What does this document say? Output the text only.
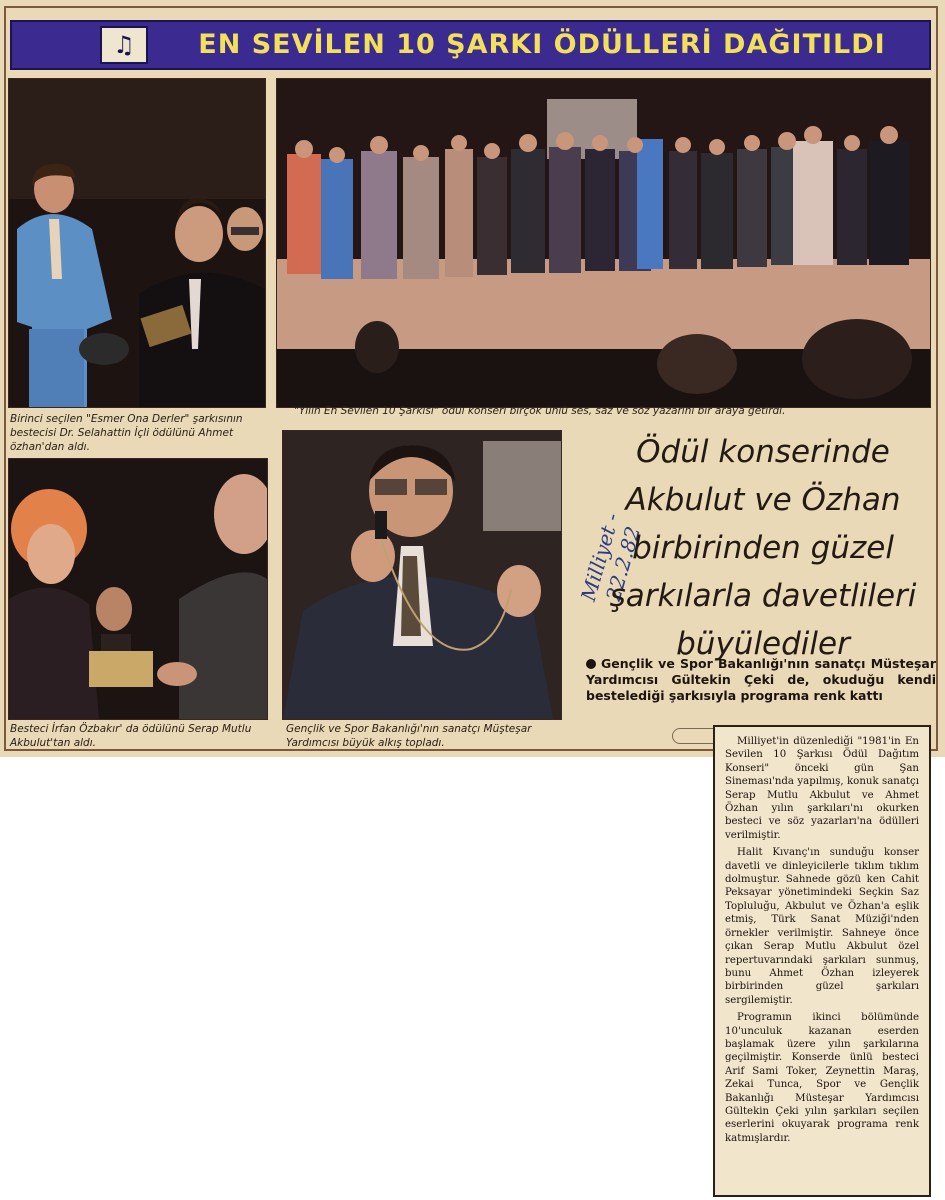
♫	EN SEVİLEN 10 ŞARKI ÖDÜLLERİ DAĞITILDI
Birinci seçilen "Esmer Ona Derler" şarkısının bestecisi Dr. Selahattin İçli ödülünü Ahmet özhan'dan aldı.
"Yılın En Sevilen 10 Şarkısı" ödül konseri birçok ünlü ses, saz ve söz yazarını bir araya getirdi.
Besteci İrfan Özbakır' da ödülünü Serap Mutlu Akbulut'tan aldı.
Gençlik ve Spor Bakanlığı'nın sanatçı Müşteşar Yardımcısı büyük alkış topladı.
Milliyet - 22.2.82
Ödül konserinde
Akbulut ve Özhan
birbirinden güzel
şarkılarla davetlileri
büyülediler
Gençlik ve Spor Bakanlığı'nın sanatçı Müsteşar Yardımcısı Gültekin Çeki de, okuduğu kendi bestelediği şarkısıyla programa renk kattı

Milliyet'in düzenlediği "1981'in En Sevilen 10 Şarkısı Ödül Dağıtım Konseri" önceki gün Şan Sineması'nda yapılmış, konuk sanatçı Serap Mutlu Akbulut ve Ahmet Özhan yılın şarkıları'nı okurken besteci ve söz yazarları'na ödülleri verilmiştir.

Halit Kıvanç'ın sunduğu konser davetli ve dinleyicilerle tıklım tıklım dolmuştur. Sahnede gözü ken Cahit Peksayar yönetimindeki Seçkin Saz Topluluğu, Akbulut ve Özhan'a eşlik etmiş, Türk Sanat Müziği'nden örnekler verilmiştir. Sahneye önce çıkan Serap Mutlu Akbulut özel repertuvarındaki şarkıları sunmuş, bunu Ahmet Özhan izleyerek birbirinden güzel şarkıları sergilemiştir.

Programın ikinci bölümünde 10'unculuk kazanan eserden başlamak üzere yılın şarkılarına geçilmiştir. Konserde ünlü besteci Arif Sami Toker, Zeynettin Maraş, Zekai Tunca, Spor ve Gençlik Bakanlığı Müsteşar Yardımcısı Gültekin Çeki yılın şarkıları seçilen eserlerini okuyarak programa renk katmışlardır.
